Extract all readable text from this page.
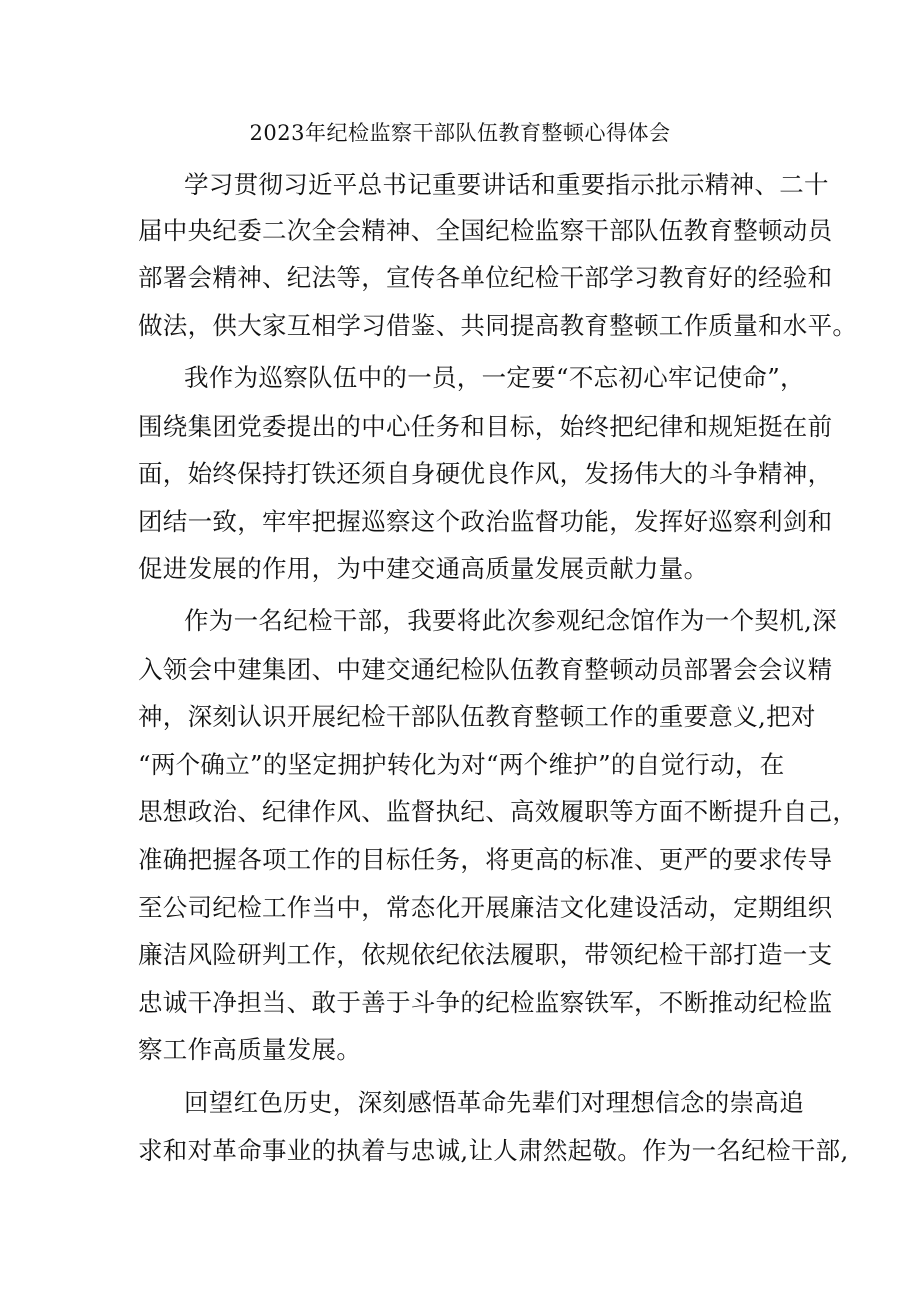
2023年纪检监察干部队伍教育整顿心得体会
学习贯彻习近平总书记重要讲话和重要指示批示精神、二十
届中央纪委二次全会精神、全国纪检监察干部队伍教育整顿动员
部署会精神、纪法等，宣传各单位纪检干部学习教育好的经验和
做法，供大家互相学习借鉴、共同提高教育整顿工作质量和水平。
我作为巡察队伍中的一员，一定要“不忘初心牢记使命”，
围绕集团党委提出的中心任务和目标，始终把纪律和规矩挺在前
面，始终保持打铁还须自身硬优良作风，发扬伟大的斗争精神，
团结一致，牢牢把握巡察这个政治监督功能，发挥好巡察利剑和
促进发展的作用，为中建交通高质量发展贡献力量。
作为一名纪检干部，我要将此次参观纪念馆作为一个契机,深
入领会中建集团、中建交通纪检队伍教育整顿动员部署会会议精
神，深刻认识开展纪检干部队伍教育整顿工作的重要意义,把对
“两个确立”的坚定拥护转化为对“两个维护”的自觉行动，在
思想政治、纪律作风、监督执纪、高效履职等方面不断提升自己，
准确把握各项工作的目标任务，将更高的标准、更严的要求传导
至公司纪检工作当中，常态化开展廉洁文化建设活动，定期组织
廉洁风险研判工作，依规依纪依法履职，带领纪检干部打造一支
忠诚干净担当、敢于善于斗争的纪检监察铁军，不断推动纪检监
察工作高质量发展。
回望红色历史，深刻感悟革命先辈们对理想信念的崇高追
求和对革命事业的执着与忠诚,让人肃然起敬。作为一名纪检干部,
